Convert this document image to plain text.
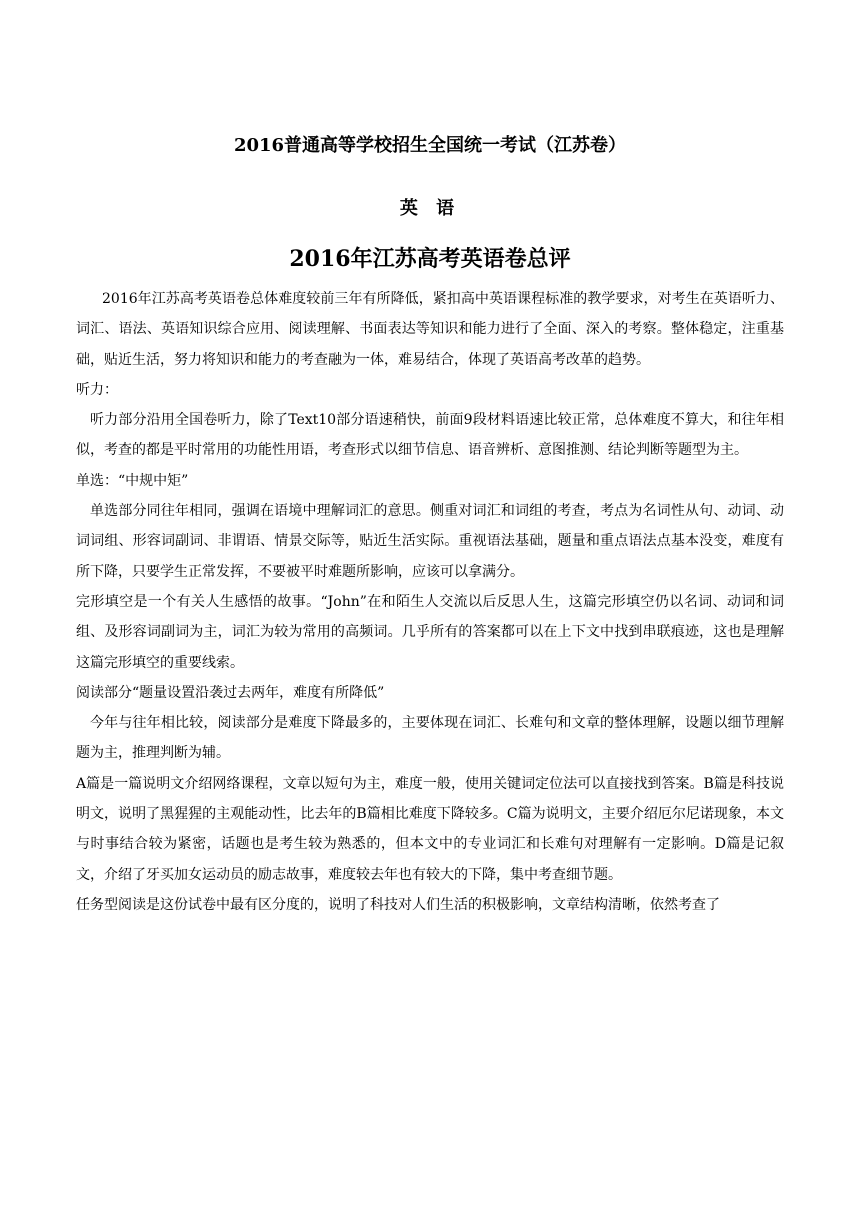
2016普通高等学校招生全国统一考试（江苏卷）
英 语
2016年江苏高考英语卷总评

2016年江苏高考英语卷总体难度较前三年有所降低，紧扣高中英语课程标准的教学要求，对考生在英语听力、词汇、语法、英语知识综合应用、阅读理解、书面表达等知识和能力进行了全面、深入的考察。整体稳定，注重基础，贴近生活，努力将知识和能力的考查融为一体，难易结合，体现了英语高考改革的趋势。

听力：

听力部分沿用全国卷听力，除了Text10部分语速稍快，前面9段材料语速比较正常，总体难度不算大，和往年相似，考查的都是平时常用的功能性用语，考查形式以细节信息、语音辨析、意图推测、结论判断等题型为主。

单选：“中规中矩”

单选部分同往年相同，强调在语境中理解词汇的意思。侧重对词汇和词组的考查，考点为名词性从句、动词、动词词组、形容词副词、非谓语、情景交际等，贴近生活实际。重视语法基础，题量和重点语法点基本没变，难度有所下降，只要学生正常发挥，不要被平时难题所影响，应该可以拿满分。

完形填空是一个有关人生感悟的故事。“John”在和陌生人交流以后反思人生，这篇完形填空仍以名词、动词和词组、及形容词副词为主，词汇为较为常用的高频词。几乎所有的答案都可以在上下文中找到串联痕迹，这也是理解这篇完形填空的重要线索。

阅读部分“题量设置沿袭过去两年，难度有所降低”

今年与往年相比较，阅读部分是难度下降最多的，主要体现在词汇、长难句和文章的整体理解，设题以细节理解题为主，推理判断为辅。

A篇是一篇说明文介绍网络课程，文章以短句为主，难度一般，使用关键词定位法可以直接找到答案。B篇是科技说明文，说明了黑猩猩的主观能动性，比去年的B篇相比难度下降较多。C篇为说明文，主要介绍厄尔尼诺现象，本文与时事结合较为紧密，话题也是考生较为熟悉的，但本文中的专业词汇和长难句对理解有一定影响。D篇是记叙文，介绍了牙买加女运动员的励志故事，难度较去年也有较大的下降，集中考查细节题。

任务型阅读是这份试卷中最有区分度的，说明了科技对人们生活的积极影响，文章结构清晰，依然考查了
